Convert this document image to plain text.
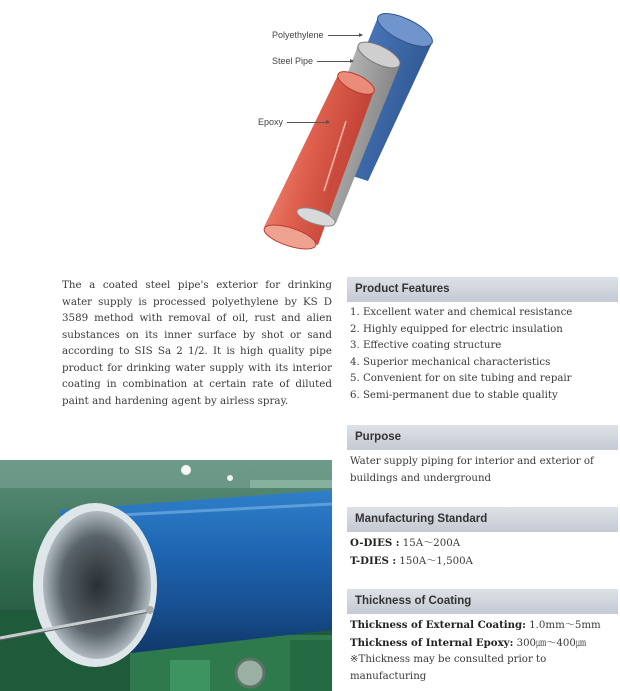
Polyethylene
Steel Pipe
Epoxy
The a coated steel pipe's exterior for drinking water supply is processed polyethylene by KS D 3589 method with removal of oil, rust and alien substances on its inner surface by shot or sand according to SIS Sa 2 1/2. It is high quality pipe product for drinking water supply with its interior coating in combination at certain rate of diluted paint and hardening agent by airless spray.
Product Features
1. Excellent water and chemical resistance
2. Highly equipped for electric insulation
3. Effective coating structure
4. Superior mechanical characteristics
5. Convenient for on site tubing and repair
6. Semi-permanent due to stable quality
Purpose
Water supply piping for interior and exterior of buildings and underground
Manufacturing Standard
O-DIES : 15A～200A
T-DIES : 150A～1,500A
Thickness of Coating
Thickness of External Coating: 1.0mm～5mm
Thickness of Internal Epoxy: 300㎛～400㎛
※Thickness may be consulted prior to manufacturing
